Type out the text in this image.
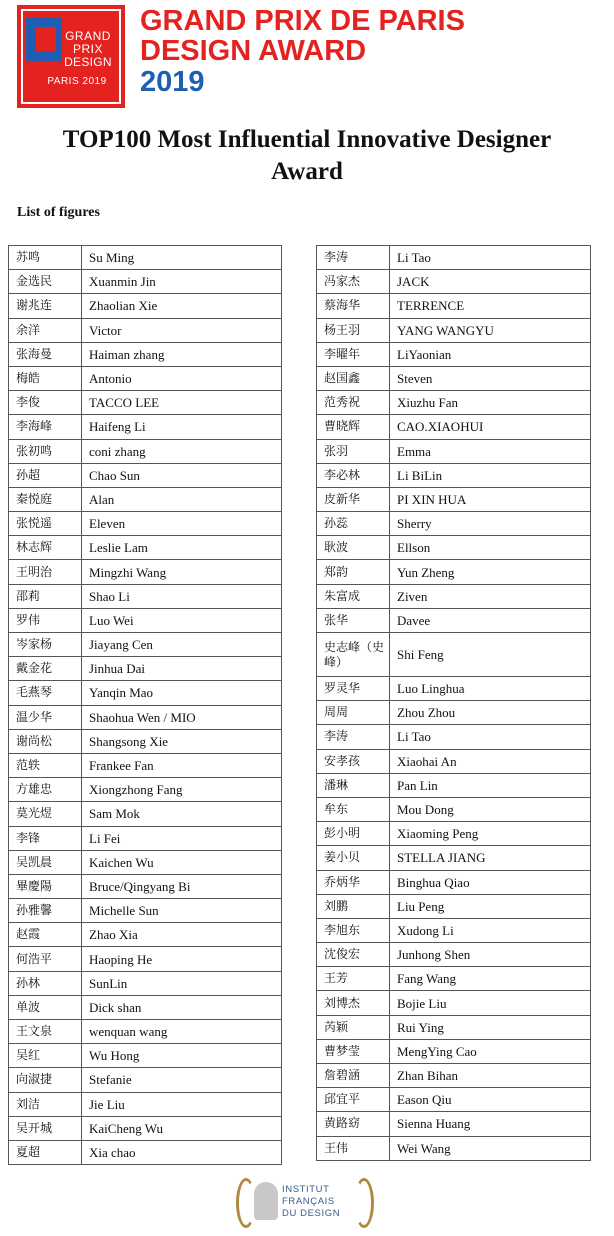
GRAND
PRIX
DESIGN
PARIS 2019
GRAND PRIX DE PARIS
DESIGN AWARD
2019
TOP100 Most Influential Innovative Designer
Award
List of figures
苏鸣	Su Ming
金选民	Xuanmin Jin
谢兆连	Zhaolian Xie
余洋	Victor
张海曼	Haiman zhang
梅皓	Antonio
李俊	TACCO LEE
李海峰	Haifeng Li
张初鸣	coni zhang
孙超	Chao Sun
秦悦庭	Alan
张悦遥	Eleven
林志辉	Leslie Lam
王明治	Mingzhi Wang
邵莉	Shao Li
罗伟	Luo Wei
岑家杨	Jiayang Cen
戴金花	Jinhua Dai
毛燕琴	Yanqin Mao
温少华	Shaohua Wen / MIO
谢尚松	Shangsong Xie
范轶	Frankee Fan
方雄忠	Xiongzhong Fang
莫光煜	Sam Mok
李锋	Li Fei
吴凯晨	Kaichen Wu
畢慶陽	Bruce/Qingyang Bi
孙雅馨	Michelle Sun
赵霞	Zhao Xia
何浩平	Haoping He
孙林	SunLin
单波	Dick shan
王文泉	wenquan wang
吴红	Wu Hong
向淑捷	Stefanie
刘洁	Jie Liu
吴开城	KaiCheng Wu
夏超	Xia chao
李涛	Li Tao
冯家杰	JACK
蔡海华	TERRENCE
杨王羽	YANG WANGYU
李曜年	LiYaonian
赵国鑫	Steven
范秀祝	Xiuzhu Fan
曹晓辉	CAO.XIAOHUI
张羽	Emma
李必林	Li BiLin
皮新华	PI XIN HUA
孙蕊	Sherry
耿波	Ellson
郑韵	Yun Zheng
朱富成	Ziven
张华	Davee
史志峰（史峰）	Shi Feng
罗灵华	Luo Linghua
周周	Zhou Zhou
李涛	Li Tao
安孝孩	Xiaohai An
潘琳	Pan Lin
牟东	Mou Dong
彭小明	Xiaoming Peng
姜小贝	STELLA JIANG
乔炳华	Binghua Qiao
刘鹏	Liu Peng
李旭东	Xudong Li
沈俊宏	Junhong Shen
王芳	Fang Wang
刘博杰	Bojie Liu
芮颖	Rui Ying
曹梦莹	MengYing Cao
詹碧涵	Zhan Bihan
邱宜平	Eason Qiu
黄路窈	Sienna Huang
王伟	Wei Wang
INSTITUT
FRANÇAIS
DU DESIGN
